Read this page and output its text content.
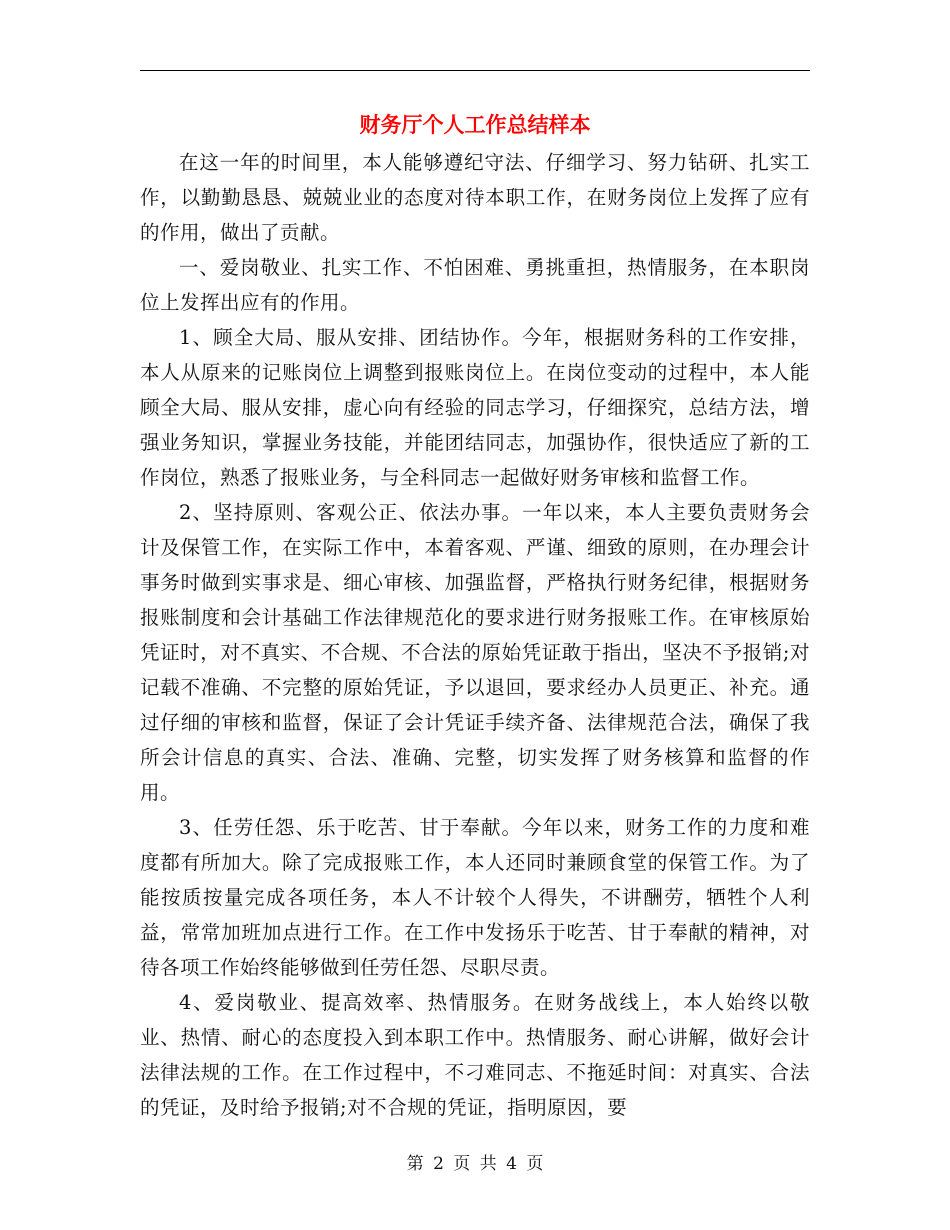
财务厅个人工作总结样本

在这一年的时间里，本人能够遵纪守法、仔细学习、努力钻研、扎实工作，以勤勤恳恳、兢兢业业的态度对待本职工作，在财务岗位上发挥了应有的作用，做出了贡献。

一、爱岗敬业、扎实工作、不怕困难、勇挑重担，热情服务，在本职岗位上发挥出应有的作用。

1、顾全大局、服从安排、团结协作。今年，根据财务科的工作安排，本人从原来的记账岗位上调整到报账岗位上。在岗位变动的过程中，本人能顾全大局、服从安排，虚心向有经验的同志学习，仔细探究，总结方法，增强业务知识，掌握业务技能，并能团结同志，加强协作，很快适应了新的工作岗位，熟悉了报账业务，与全科同志一起做好财务审核和监督工作。

2、坚持原则、客观公正、依法办事。一年以来，本人主要负责财务会计及保管工作，在实际工作中，本着客观、严谨、细致的原则，在办理会计事务时做到实事求是、细心审核、加强监督，严格执行财务纪律，根据财务报账制度和会计基础工作法律规范化的要求进行财务报账工作。在审核原始凭证时，对不真实、不合规、不合法的原始凭证敢于指出，坚决不予报销;对记载不准确、不完整的原始凭证，予以退回，要求经办人员更正、补充。通过仔细的审核和监督，保证了会计凭证手续齐备、法律规范合法，确保了我所会计信息的真实、合法、准确、完整，切实发挥了财务核算和监督的作用。

3、任劳任怨、乐于吃苦、甘于奉献。今年以来，财务工作的力度和难度都有所加大。除了完成报账工作，本人还同时兼顾食堂的保管工作。为了能按质按量完成各项任务，本人不计较个人得失，不讲酬劳，牺牲个人利益，常常加班加点进行工作。在工作中发扬乐于吃苦、甘于奉献的精神，对待各项工作始终能够做到任劳任怨、尽职尽责。

4、爱岗敬业、提高效率、热情服务。在财务战线上，本人始终以敬业、热情、耐心的态度投入到本职工作中。热情服务、耐心讲解，做好会计法律法规的工作。在工作过程中，不刁难同志、不拖延时间：对真实、合法的凭证，及时给予报销;对不合规的凭证，指明原因，要

第 2 页 共 4 页
